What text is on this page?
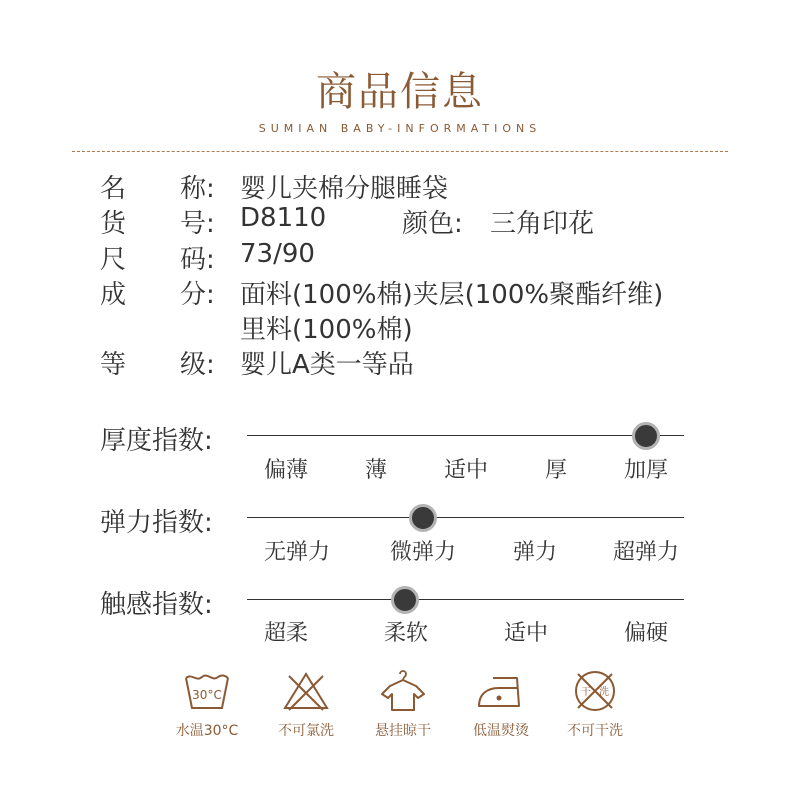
商品信息
SUMIAN BABY-INFORMATIONS
名 称: 婴儿夹棉分腿睡袋
货 号: D8110	颜色: 三角印花
尺 码: 73/90
成 分: 面料(100%棉)夹层(100%聚酯纤维)
里料(100%棉)
等 级: 婴儿A类一等品
厚度指数:
偏薄	薄	适中	厚	加厚
弹力指数:
无弹力	微弹力	弹力	超弹力
触感指数:
超柔	柔软	适中	偏硬
30°C
水温30°C	不可氯洗	悬挂晾干	低温熨烫
干 洗
不可干洗
